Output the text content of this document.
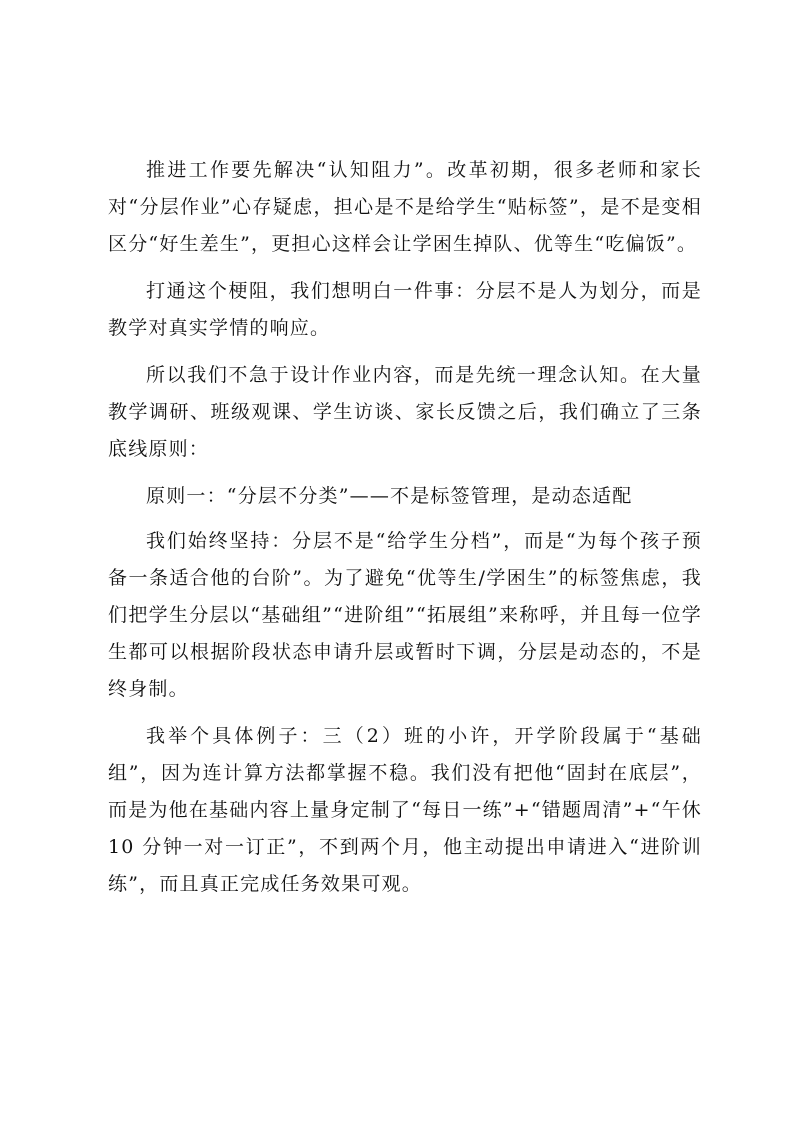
推进工作要先解决“认知阻力”。改革初期，很多老师和家长对“分层作业”心存疑虑，担心是不是给学生“贴标签”，是不是变相区分“好生差生”，更担心这样会让学困生掉队、优等生“吃偏饭”。

打通这个梗阻，我们想明白一件事：分层不是人为划分，而是教学对真实学情的响应。

所以我们不急于设计作业内容，而是先统一理念认知。在大量教学调研、班级观课、学生访谈、家长反馈之后，我们确立了三条底线原则：

原则一：“分层不分类”——不是标签管理，是动态适配

我们始终坚持：分层不是“给学生分档”，而是“为每个孩子预备一条适合他的台阶”。为了避免“优等生/学困生”的标签焦虑，我们把学生分层以“基础组”“进阶组”“拓展组”来称呼，并且每一位学生都可以根据阶段状态申请升层或暂时下调，分层是动态的，不是终身制。

我举个具体例子：三（2）班的小许，开学阶段属于“基础组”，因为连计算方法都掌握不稳。我们没有把他“固封在底层”，而是为他在基础内容上量身定制了“每日一练”+“错题周清”+“午休 10 分钟一对一订正”，不到两个月，他主动提出申请进入“进阶训练”，而且真正完成任务效果可观。
